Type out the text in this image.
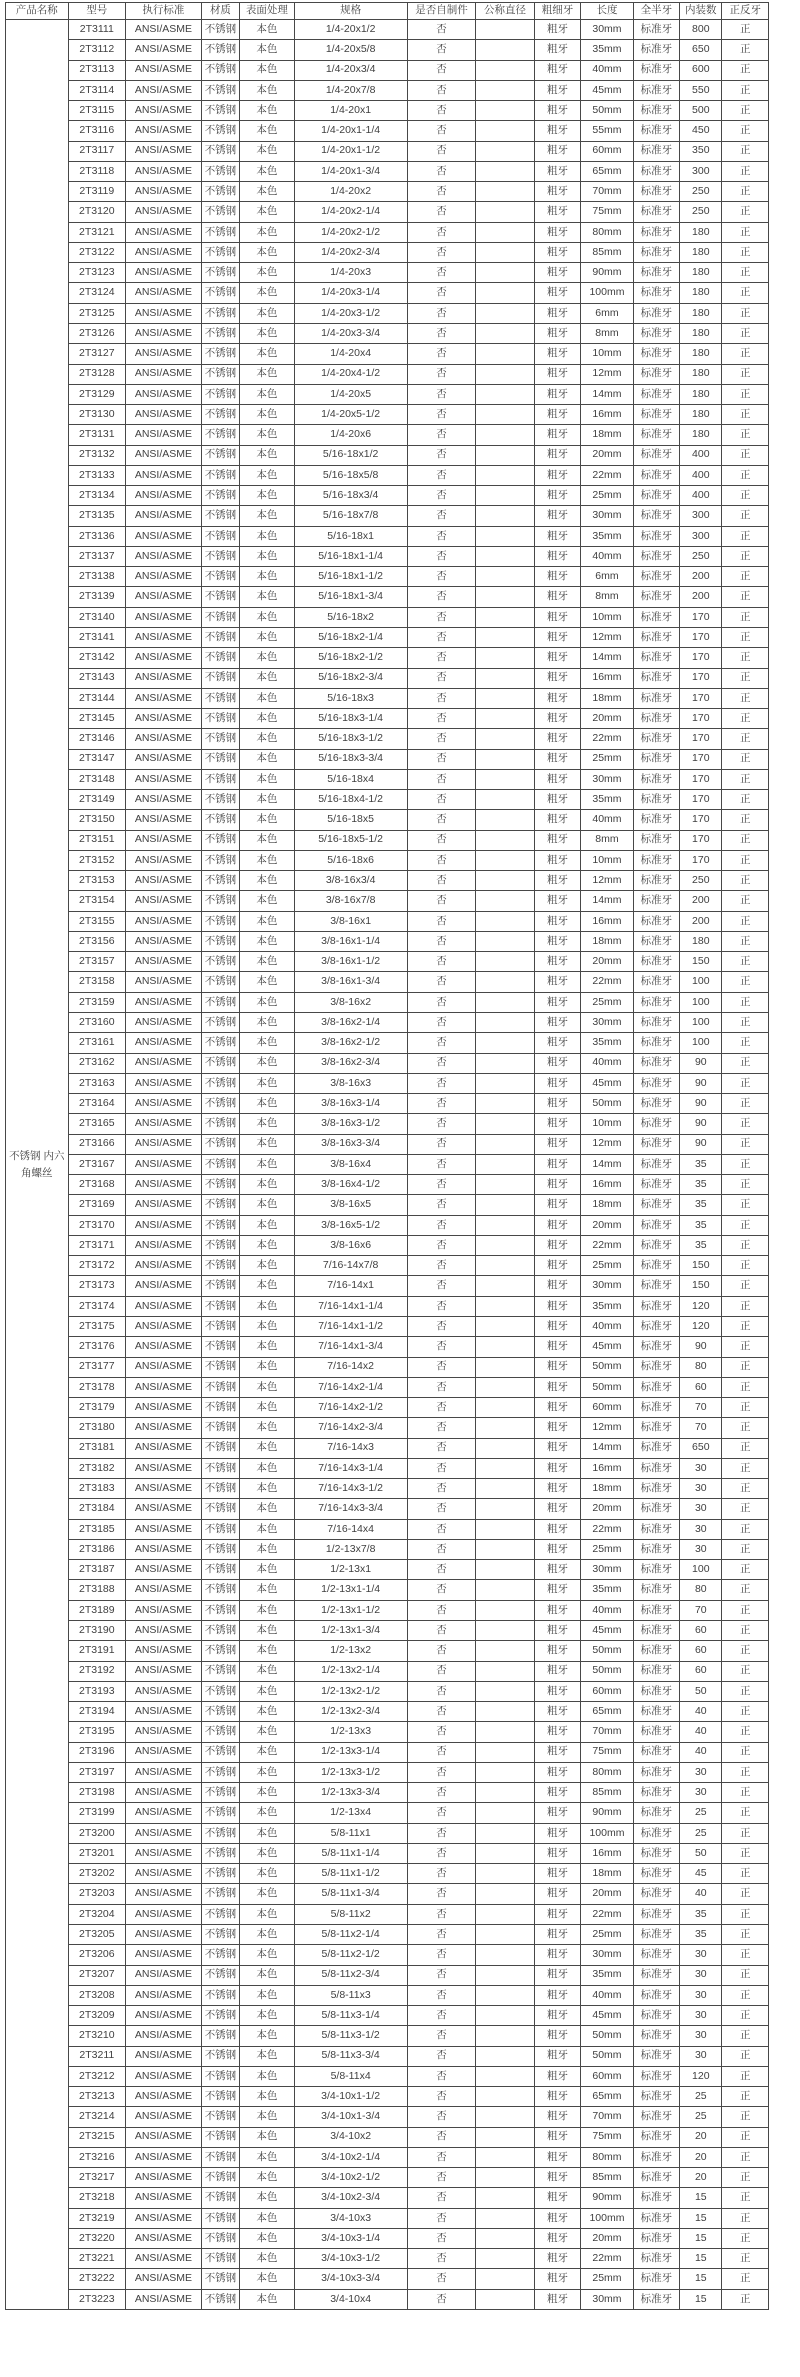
产品名称	型号	执行标准	材质	表面处理	规格	是否自制件	公称直径	粗细牙	长度	全半牙	内装数	正反牙
不锈钢 内六角螺丝	2T3111	ANSI/ASME	不锈钢	本色	1/4-20x1/2	否		粗牙	30mm	标准牙	800	正
	2T3112	ANSI/ASME	不锈钢	本色	1/4-20x5/8	否		粗牙	35mm	标准牙	650	正
	2T3113	ANSI/ASME	不锈钢	本色	1/4-20x3/4	否		粗牙	40mm	标准牙	600	正
	2T3114	ANSI/ASME	不锈钢	本色	1/4-20x7/8	否		粗牙	45mm	标准牙	550	正
	2T3115	ANSI/ASME	不锈钢	本色	1/4-20x1	否		粗牙	50mm	标准牙	500	正
	2T3116	ANSI/ASME	不锈钢	本色	1/4-20x1-1/4	否		粗牙	55mm	标准牙	450	正
	2T3117	ANSI/ASME	不锈钢	本色	1/4-20x1-1/2	否		粗牙	60mm	标准牙	350	正
	2T3118	ANSI/ASME	不锈钢	本色	1/4-20x1-3/4	否		粗牙	65mm	标准牙	300	正
	2T3119	ANSI/ASME	不锈钢	本色	1/4-20x2	否		粗牙	70mm	标准牙	250	正
	2T3120	ANSI/ASME	不锈钢	本色	1/4-20x2-1/4	否		粗牙	75mm	标准牙	250	正
	2T3121	ANSI/ASME	不锈钢	本色	1/4-20x2-1/2	否		粗牙	80mm	标准牙	180	正
	2T3122	ANSI/ASME	不锈钢	本色	1/4-20x2-3/4	否		粗牙	85mm	标准牙	180	正
	2T3123	ANSI/ASME	不锈钢	本色	1/4-20x3	否		粗牙	90mm	标准牙	180	正
	2T3124	ANSI/ASME	不锈钢	本色	1/4-20x3-1/4	否		粗牙	100mm	标准牙	180	正
	2T3125	ANSI/ASME	不锈钢	本色	1/4-20x3-1/2	否		粗牙	6mm	标准牙	180	正
	2T3126	ANSI/ASME	不锈钢	本色	1/4-20x3-3/4	否		粗牙	8mm	标准牙	180	正
	2T3127	ANSI/ASME	不锈钢	本色	1/4-20x4	否		粗牙	10mm	标准牙	180	正
	2T3128	ANSI/ASME	不锈钢	本色	1/4-20x4-1/2	否		粗牙	12mm	标准牙	180	正
	2T3129	ANSI/ASME	不锈钢	本色	1/4-20x5	否		粗牙	14mm	标准牙	180	正
	2T3130	ANSI/ASME	不锈钢	本色	1/4-20x5-1/2	否		粗牙	16mm	标准牙	180	正
	2T3131	ANSI/ASME	不锈钢	本色	1/4-20x6	否		粗牙	18mm	标准牙	180	正
	2T3132	ANSI/ASME	不锈钢	本色	5/16-18x1/2	否		粗牙	20mm	标准牙	400	正
	2T3133	ANSI/ASME	不锈钢	本色	5/16-18x5/8	否		粗牙	22mm	标准牙	400	正
	2T3134	ANSI/ASME	不锈钢	本色	5/16-18x3/4	否		粗牙	25mm	标准牙	400	正
	2T3135	ANSI/ASME	不锈钢	本色	5/16-18x7/8	否		粗牙	30mm	标准牙	300	正
	2T3136	ANSI/ASME	不锈钢	本色	5/16-18x1	否		粗牙	35mm	标准牙	300	正
	2T3137	ANSI/ASME	不锈钢	本色	5/16-18x1-1/4	否		粗牙	40mm	标准牙	250	正
	2T3138	ANSI/ASME	不锈钢	本色	5/16-18x1-1/2	否		粗牙	6mm	标准牙	200	正
	2T3139	ANSI/ASME	不锈钢	本色	5/16-18x1-3/4	否		粗牙	8mm	标准牙	200	正
	2T3140	ANSI/ASME	不锈钢	本色	5/16-18x2	否		粗牙	10mm	标准牙	170	正
	2T3141	ANSI/ASME	不锈钢	本色	5/16-18x2-1/4	否		粗牙	12mm	标准牙	170	正
	2T3142	ANSI/ASME	不锈钢	本色	5/16-18x2-1/2	否		粗牙	14mm	标准牙	170	正
	2T3143	ANSI/ASME	不锈钢	本色	5/16-18x2-3/4	否		粗牙	16mm	标准牙	170	正
	2T3144	ANSI/ASME	不锈钢	本色	5/16-18x3	否		粗牙	18mm	标准牙	170	正
	2T3145	ANSI/ASME	不锈钢	本色	5/16-18x3-1/4	否		粗牙	20mm	标准牙	170	正
	2T3146	ANSI/ASME	不锈钢	本色	5/16-18x3-1/2	否		粗牙	22mm	标准牙	170	正
	2T3147	ANSI/ASME	不锈钢	本色	5/16-18x3-3/4	否		粗牙	25mm	标准牙	170	正
	2T3148	ANSI/ASME	不锈钢	本色	5/16-18x4	否		粗牙	30mm	标准牙	170	正
	2T3149	ANSI/ASME	不锈钢	本色	5/16-18x4-1/2	否		粗牙	35mm	标准牙	170	正
	2T3150	ANSI/ASME	不锈钢	本色	5/16-18x5	否		粗牙	40mm	标准牙	170	正
	2T3151	ANSI/ASME	不锈钢	本色	5/16-18x5-1/2	否		粗牙	8mm	标准牙	170	正
	2T3152	ANSI/ASME	不锈钢	本色	5/16-18x6	否		粗牙	10mm	标准牙	170	正
	2T3153	ANSI/ASME	不锈钢	本色	3/8-16x3/4	否		粗牙	12mm	标准牙	250	正
	2T3154	ANSI/ASME	不锈钢	本色	3/8-16x7/8	否		粗牙	14mm	标准牙	200	正
	2T3155	ANSI/ASME	不锈钢	本色	3/8-16x1	否		粗牙	16mm	标准牙	200	正
	2T3156	ANSI/ASME	不锈钢	本色	3/8-16x1-1/4	否		粗牙	18mm	标准牙	180	正
	2T3157	ANSI/ASME	不锈钢	本色	3/8-16x1-1/2	否		粗牙	20mm	标准牙	150	正
	2T3158	ANSI/ASME	不锈钢	本色	3/8-16x1-3/4	否		粗牙	22mm	标准牙	100	正
	2T3159	ANSI/ASME	不锈钢	本色	3/8-16x2	否		粗牙	25mm	标准牙	100	正
	2T3160	ANSI/ASME	不锈钢	本色	3/8-16x2-1/4	否		粗牙	30mm	标准牙	100	正
	2T3161	ANSI/ASME	不锈钢	本色	3/8-16x2-1/2	否		粗牙	35mm	标准牙	100	正
	2T3162	ANSI/ASME	不锈钢	本色	3/8-16x2-3/4	否		粗牙	40mm	标准牙	90	正
	2T3163	ANSI/ASME	不锈钢	本色	3/8-16x3	否		粗牙	45mm	标准牙	90	正
	2T3164	ANSI/ASME	不锈钢	本色	3/8-16x3-1/4	否		粗牙	50mm	标准牙	90	正
	2T3165	ANSI/ASME	不锈钢	本色	3/8-16x3-1/2	否		粗牙	10mm	标准牙	90	正
	2T3166	ANSI/ASME	不锈钢	本色	3/8-16x3-3/4	否		粗牙	12mm	标准牙	90	正
	2T3167	ANSI/ASME	不锈钢	本色	3/8-16x4	否		粗牙	14mm	标准牙	35	正
	2T3168	ANSI/ASME	不锈钢	本色	3/8-16x4-1/2	否		粗牙	16mm	标准牙	35	正
	2T3169	ANSI/ASME	不锈钢	本色	3/8-16x5	否		粗牙	18mm	标准牙	35	正
	2T3170	ANSI/ASME	不锈钢	本色	3/8-16x5-1/2	否		粗牙	20mm	标准牙	35	正
	2T3171	ANSI/ASME	不锈钢	本色	3/8-16x6	否		粗牙	22mm	标准牙	35	正
	2T3172	ANSI/ASME	不锈钢	本色	7/16-14x7/8	否		粗牙	25mm	标准牙	150	正
	2T3173	ANSI/ASME	不锈钢	本色	7/16-14x1	否		粗牙	30mm	标准牙	150	正
	2T3174	ANSI/ASME	不锈钢	本色	7/16-14x1-1/4	否		粗牙	35mm	标准牙	120	正
	2T3175	ANSI/ASME	不锈钢	本色	7/16-14x1-1/2	否		粗牙	40mm	标准牙	120	正
	2T3176	ANSI/ASME	不锈钢	本色	7/16-14x1-3/4	否		粗牙	45mm	标准牙	90	正
	2T3177	ANSI/ASME	不锈钢	本色	7/16-14x2	否		粗牙	50mm	标准牙	80	正
	2T3178	ANSI/ASME	不锈钢	本色	7/16-14x2-1/4	否		粗牙	50mm	标准牙	60	正
	2T3179	ANSI/ASME	不锈钢	本色	7/16-14x2-1/2	否		粗牙	60mm	标准牙	70	正
	2T3180	ANSI/ASME	不锈钢	本色	7/16-14x2-3/4	否		粗牙	12mm	标准牙	70	正
	2T3181	ANSI/ASME	不锈钢	本色	7/16-14x3	否		粗牙	14mm	标准牙	650	正
	2T3182	ANSI/ASME	不锈钢	本色	7/16-14x3-1/4	否		粗牙	16mm	标准牙	30	正
	2T3183	ANSI/ASME	不锈钢	本色	7/16-14x3-1/2	否		粗牙	18mm	标准牙	30	正
	2T3184	ANSI/ASME	不锈钢	本色	7/16-14x3-3/4	否		粗牙	20mm	标准牙	30	正
	2T3185	ANSI/ASME	不锈钢	本色	7/16-14x4	否		粗牙	22mm	标准牙	30	正
	2T3186	ANSI/ASME	不锈钢	本色	1/2-13x7/8	否		粗牙	25mm	标准牙	30	正
	2T3187	ANSI/ASME	不锈钢	本色	1/2-13x1	否		粗牙	30mm	标准牙	100	正
	2T3188	ANSI/ASME	不锈钢	本色	1/2-13x1-1/4	否		粗牙	35mm	标准牙	80	正
	2T3189	ANSI/ASME	不锈钢	本色	1/2-13x1-1/2	否		粗牙	40mm	标准牙	70	正
	2T3190	ANSI/ASME	不锈钢	本色	1/2-13x1-3/4	否		粗牙	45mm	标准牙	60	正
	2T3191	ANSI/ASME	不锈钢	本色	1/2-13x2	否		粗牙	50mm	标准牙	60	正
	2T3192	ANSI/ASME	不锈钢	本色	1/2-13x2-1/4	否		粗牙	50mm	标准牙	60	正
	2T3193	ANSI/ASME	不锈钢	本色	1/2-13x2-1/2	否		粗牙	60mm	标准牙	50	正
	2T3194	ANSI/ASME	不锈钢	本色	1/2-13x2-3/4	否		粗牙	65mm	标准牙	40	正
	2T3195	ANSI/ASME	不锈钢	本色	1/2-13x3	否		粗牙	70mm	标准牙	40	正
	2T3196	ANSI/ASME	不锈钢	本色	1/2-13x3-1/4	否		粗牙	75mm	标准牙	40	正
	2T3197	ANSI/ASME	不锈钢	本色	1/2-13x3-1/2	否		粗牙	80mm	标准牙	30	正
	2T3198	ANSI/ASME	不锈钢	本色	1/2-13x3-3/4	否		粗牙	85mm	标准牙	30	正
	2T3199	ANSI/ASME	不锈钢	本色	1/2-13x4	否		粗牙	90mm	标准牙	25	正
	2T3200	ANSI/ASME	不锈钢	本色	5/8-11x1	否		粗牙	100mm	标准牙	25	正
	2T3201	ANSI/ASME	不锈钢	本色	5/8-11x1-1/4	否		粗牙	16mm	标准牙	50	正
	2T3202	ANSI/ASME	不锈钢	本色	5/8-11x1-1/2	否		粗牙	18mm	标准牙	45	正
	2T3203	ANSI/ASME	不锈钢	本色	5/8-11x1-3/4	否		粗牙	20mm	标准牙	40	正
	2T3204	ANSI/ASME	不锈钢	本色	5/8-11x2	否		粗牙	22mm	标准牙	35	正
	2T3205	ANSI/ASME	不锈钢	本色	5/8-11x2-1/4	否		粗牙	25mm	标准牙	35	正
	2T3206	ANSI/ASME	不锈钢	本色	5/8-11x2-1/2	否		粗牙	30mm	标准牙	30	正
	2T3207	ANSI/ASME	不锈钢	本色	5/8-11x2-3/4	否		粗牙	35mm	标准牙	30	正
	2T3208	ANSI/ASME	不锈钢	本色	5/8-11x3	否		粗牙	40mm	标准牙	30	正
	2T3209	ANSI/ASME	不锈钢	本色	5/8-11x3-1/4	否		粗牙	45mm	标准牙	30	正
	2T3210	ANSI/ASME	不锈钢	本色	5/8-11x3-1/2	否		粗牙	50mm	标准牙	30	正
	2T3211	ANSI/ASME	不锈钢	本色	5/8-11x3-3/4	否		粗牙	50mm	标准牙	30	正
	2T3212	ANSI/ASME	不锈钢	本色	5/8-11x4	否		粗牙	60mm	标准牙	120	正
	2T3213	ANSI/ASME	不锈钢	本色	3/4-10x1-1/2	否		粗牙	65mm	标准牙	25	正
	2T3214	ANSI/ASME	不锈钢	本色	3/4-10x1-3/4	否		粗牙	70mm	标准牙	25	正
	2T3215	ANSI/ASME	不锈钢	本色	3/4-10x2	否		粗牙	75mm	标准牙	20	正
	2T3216	ANSI/ASME	不锈钢	本色	3/4-10x2-1/4	否		粗牙	80mm	标准牙	20	正
	2T3217	ANSI/ASME	不锈钢	本色	3/4-10x2-1/2	否		粗牙	85mm	标准牙	20	正
	2T3218	ANSI/ASME	不锈钢	本色	3/4-10x2-3/4	否		粗牙	90mm	标准牙	15	正
	2T3219	ANSI/ASME	不锈钢	本色	3/4-10x3	否		粗牙	100mm	标准牙	15	正
	2T3220	ANSI/ASME	不锈钢	本色	3/4-10x3-1/4	否		粗牙	20mm	标准牙	15	正
	2T3221	ANSI/ASME	不锈钢	本色	3/4-10x3-1/2	否		粗牙	22mm	标准牙	15	正
	2T3222	ANSI/ASME	不锈钢	本色	3/4-10x3-3/4	否		粗牙	25mm	标准牙	15	正
	2T3223	ANSI/ASME	不锈钢	本色	3/4-10x4	否		粗牙	30mm	标准牙	15	正
